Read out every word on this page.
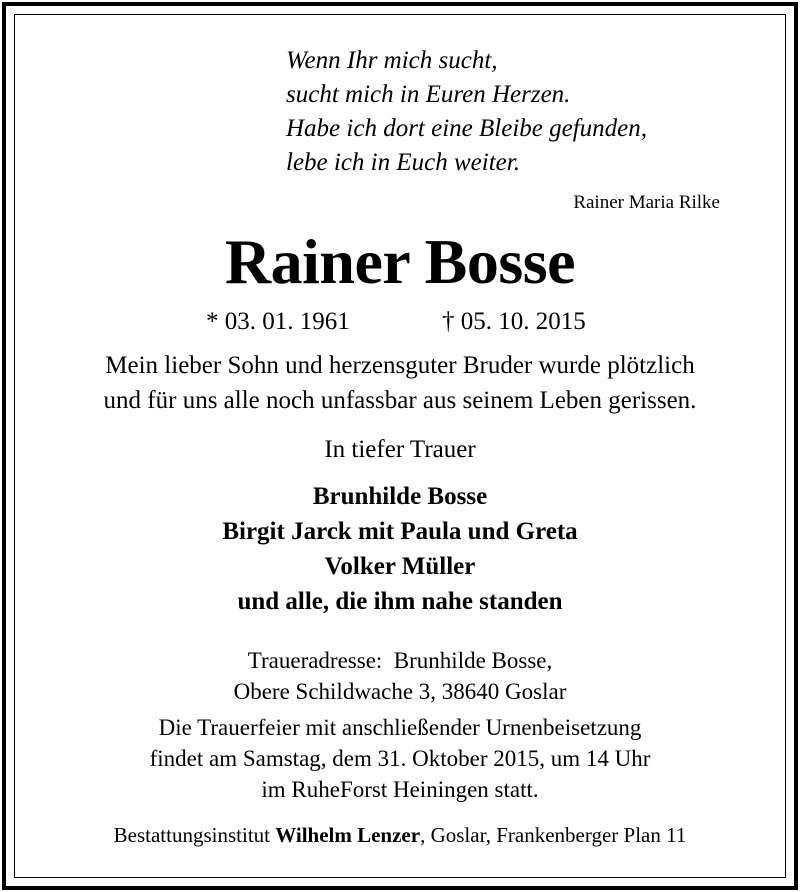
Wenn Ihr mich sucht,
sucht mich in Euren Herzen.
Habe ich dort eine Bleibe gefunden,
lebe ich in Euch weiter.
Rainer Maria Rilke
Rainer Bosse
* 03. 01. 1961	† 05. 10. 2015
Mein lieber Sohn und herzensguter Bruder wurde plötzlich
und für uns alle noch unfassbar aus seinem Leben gerissen.
In tiefer Trauer
Brunhilde Bosse
Birgit Jarck mit Paula und Greta
Volker Müller
und alle, die ihm nahe standen
Traueradresse:  Brunhilde Bosse,
Obere Schildwache 3, 38640 Goslar
Die Trauerfeier mit anschließender Urnenbeisetzung
findet am Samstag, dem 31. Oktober 2015, um 14 Uhr
im RuheForst Heiningen statt.
Bestattungsinstitut Wilhelm Lenzer, Goslar, Frankenberger Plan 11
